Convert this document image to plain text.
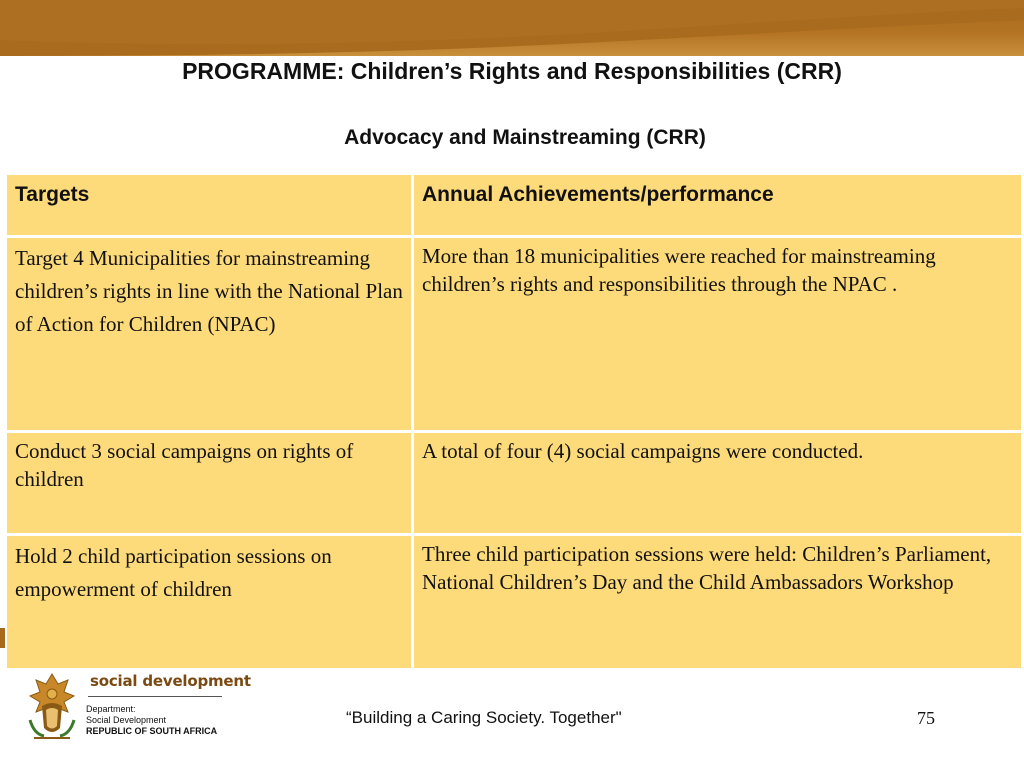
PROGRAMME: Children’s Rights and Responsibilities (CRR)
Advocacy and Mainstreaming (CRR)
Targets	Annual Achievements/performance
Target 4 Municipalities for mainstreaming children’s rights in line with the National Plan of Action for Children (NPAC)	More than 18 municipalities were reached for mainstreaming children’s rights and responsibilities through the NPAC .
Conduct 3 social campaigns on rights of children	A total of four (4) social campaigns were conducted.
Hold 2 child participation sessions on empowerment of children	Three child participation sessions were held: Children’s Parliament, National Children’s Day and the Child Ambassadors Workshop
social development
Department:
Social Development
REPUBLIC OF SOUTH AFRICA
“Building a Caring Society. Together"	75
